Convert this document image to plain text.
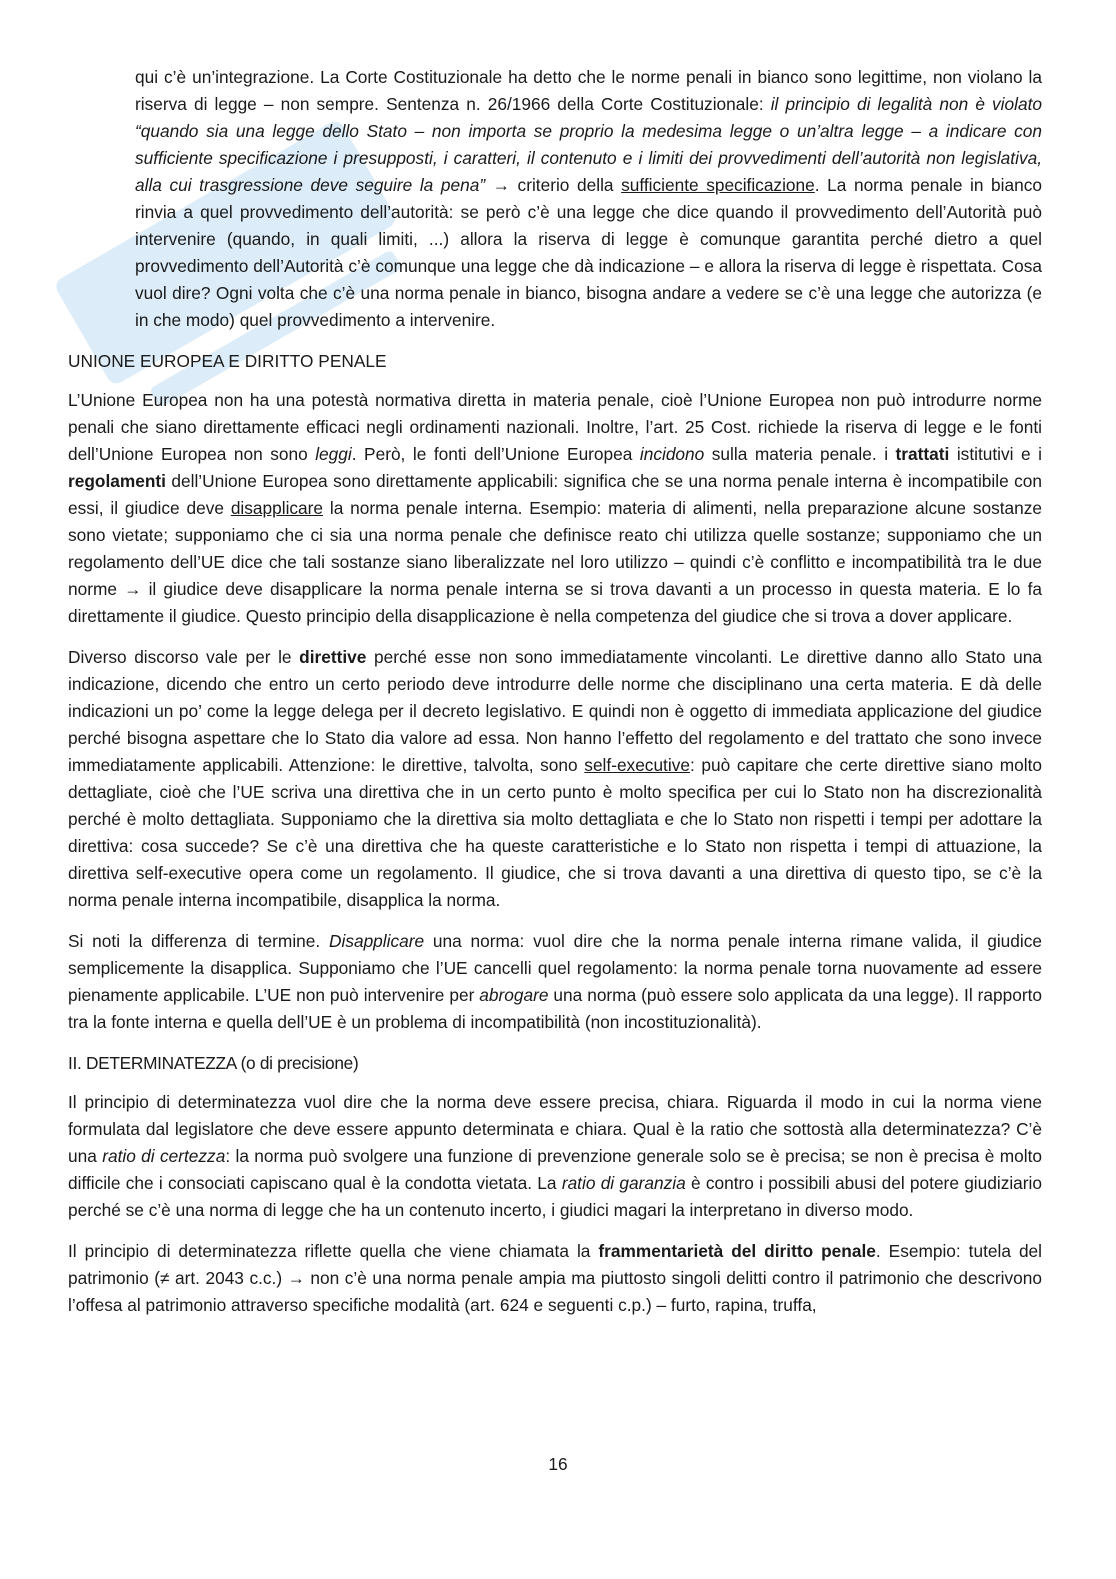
qui c’è un’integrazione. La Corte Costituzionale ha detto che le norme penali in bianco sono legittime, non violano la riserva di legge – non sempre. Sentenza n. 26/1966 della Corte Costituzionale: il principio di legalità non è violato “quando sia una legge dello Stato – non importa se proprio la medesima legge o un’altra legge – a indicare con sufficiente specificazione i presupposti, i caratteri, il contenuto e i limiti dei provvedimenti dell’autorità non legislativa, alla cui trasgressione deve seguire la pena” → criterio della sufficiente specificazione. La norma penale in bianco rinvia a quel provvedimento dell’autorità: se però c’è una legge che dice quando il provvedimento dell’Autorità può intervenire (quando, in quali limiti, ...) allora la riserva di legge è comunque garantita perché dietro a quel provvedimento dell’Autorità c’è comunque una legge che dà indicazione – e allora la riserva di legge è rispettata. Cosa vuol dire? Ogni volta che c’è una norma penale in bianco, bisogna andare a vedere se c’è una legge che autorizza (e in che modo) quel provvedimento a intervenire.

UNIONE EUROPEA E DIRITTO PENALE

L’Unione Europea non ha una potestà normativa diretta in materia penale, cioè l’Unione Europea non può introdurre norme penali che siano direttamente efficaci negli ordinamenti nazionali. Inoltre, l’art. 25 Cost. richiede la riserva di legge e le fonti dell’Unione Europea non sono leggi. Però, le fonti dell’Unione Europea incidono sulla materia penale. i trattati istitutivi e i regolamenti dell’Unione Europea sono direttamente applicabili: significa che se una norma penale interna è incompatibile con essi, il giudice deve disapplicare la norma penale interna. Esempio: materia di alimenti, nella preparazione alcune sostanze sono vietate; supponiamo che ci sia una norma penale che definisce reato chi utilizza quelle sostanze; supponiamo che un regolamento dell’UE dice che tali sostanze siano liberalizzate nel loro utilizzo – quindi c’è conflitto e incompatibilità tra le due norme → il giudice deve disapplicare la norma penale interna se si trova davanti a un processo in questa materia. E lo fa direttamente il giudice. Questo principio della disapplicazione è nella competenza del giudice che si trova a dover applicare.

Diverso discorso vale per le direttive perché esse non sono immediatamente vincolanti. Le direttive danno allo Stato una indicazione, dicendo che entro un certo periodo deve introdurre delle norme che disciplinano una certa materia. E dà delle indicazioni un po’ come la legge delega per il decreto legislativo. E quindi non è oggetto di immediata applicazione del giudice perché bisogna aspettare che lo Stato dia valore ad essa. Non hanno l’effetto del regolamento e del trattato che sono invece immediatamente applicabili. Attenzione: le direttive, talvolta, sono self-executive: può capitare che certe direttive siano molto dettagliate, cioè che l’UE scriva una direttiva che in un certo punto è molto specifica per cui lo Stato non ha discrezionalità perché è molto dettagliata. Supponiamo che la direttiva sia molto dettagliata e che lo Stato non rispetti i tempi per adottare la direttiva: cosa succede? Se c’è una direttiva che ha queste caratteristiche e lo Stato non rispetta i tempi di attuazione, la direttiva self-executive opera come un regolamento. Il giudice, che si trova davanti a una direttiva di questo tipo, se c’è la norma penale interna incompatibile, disapplica la norma.

Si noti la differenza di termine. Disapplicare una norma: vuol dire che la norma penale interna rimane valida, il giudice semplicemente la disapplica. Supponiamo che l’UE cancelli quel regolamento: la norma penale torna nuovamente ad essere pienamente applicabile. L’UE non può intervenire per abrogare una norma (può essere solo applicata da una legge). Il rapporto tra la fonte interna e quella dell’UE è un problema di incompatibilità (non incostituzionalità).

II. DETERMINATEZZA (o di precisione)

Il principio di determinatezza vuol dire che la norma deve essere precisa, chiara. Riguarda il modo in cui la norma viene formulata dal legislatore che deve essere appunto determinata e chiara. Qual è la ratio che sottostà alla determinatezza? C’è una ratio di certezza: la norma può svolgere una funzione di prevenzione generale solo se è precisa; se non è precisa è molto difficile che i consociati capiscano qual è la condotta vietata. La ratio di garanzia è contro i possibili abusi del potere giudiziario perché se c’è una norma di legge che ha un contenuto incerto, i giudici magari la interpretano in diverso modo.

Il principio di determinatezza riflette quella che viene chiamata la frammentarietà del diritto penale. Esempio: tutela del patrimonio (≠ art. 2043 c.c.) → non c’è una norma penale ampia ma piuttosto singoli delitti contro il patrimonio che descrivono l’offesa al patrimonio attraverso specifiche modalità (art. 624 e seguenti c.p.) – furto, rapina, truffa,

16
